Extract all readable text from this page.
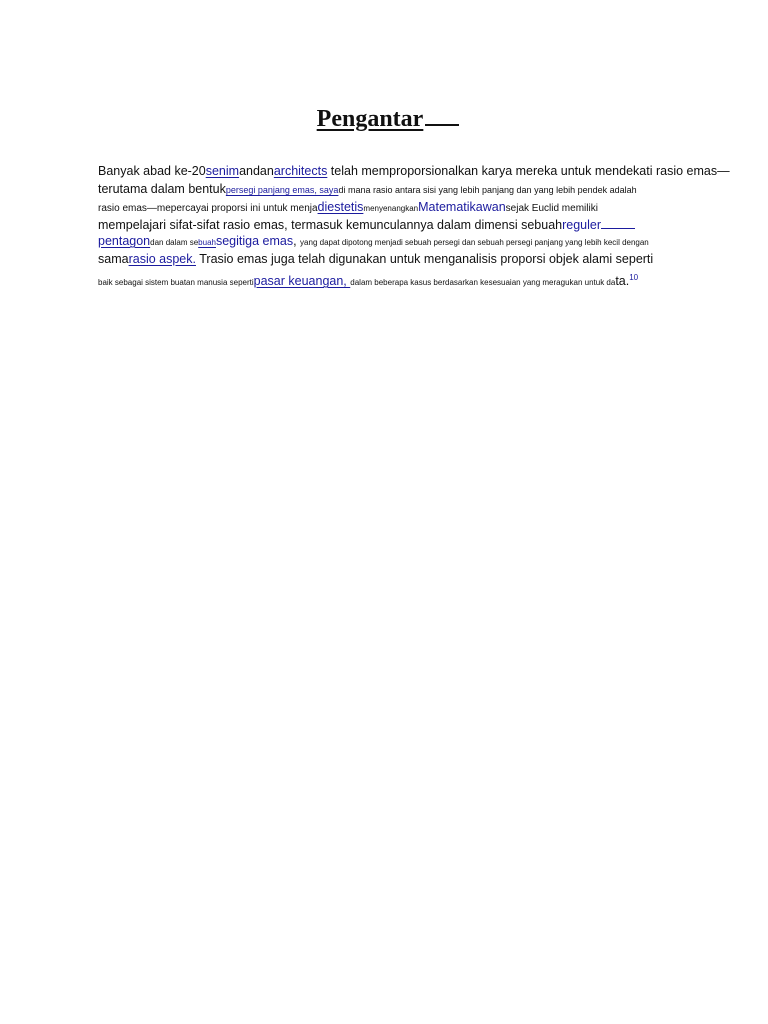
Pengantar
Banyak abad ke-20senimandanarchitects telah memproporsionalkan karya mereka untuk mendekati rasio emas—
terutama dalam bentukpersegi panjang emas, sayadi mana rasio antara sisi yang lebih panjang dan yang lebih pendek adalah
rasio emas—mepercayai proporsi ini untuk menjadiestetismenyenangkanMatematikawansejak Euclid memiliki
mempelajari sifat-sifat rasio emas, termasuk kemunculannya dalam dimensi sebuahreguler
pentagondan dalam sebuahsegitiga emas, yang dapat dipotong menjadi sebuah persegi dan sebuah persegi panjang yang lebih kecil dengan
samarasio aspek. Trasio emas juga telah digunakan untuk menganalisis proporsi objek alami seperti
baik sebagai sistem buatan manusia sepertipasar keuangan, dalam beberapa kasus berdasarkan kesesuaian yang meragukan untuk data.$^{10}$
